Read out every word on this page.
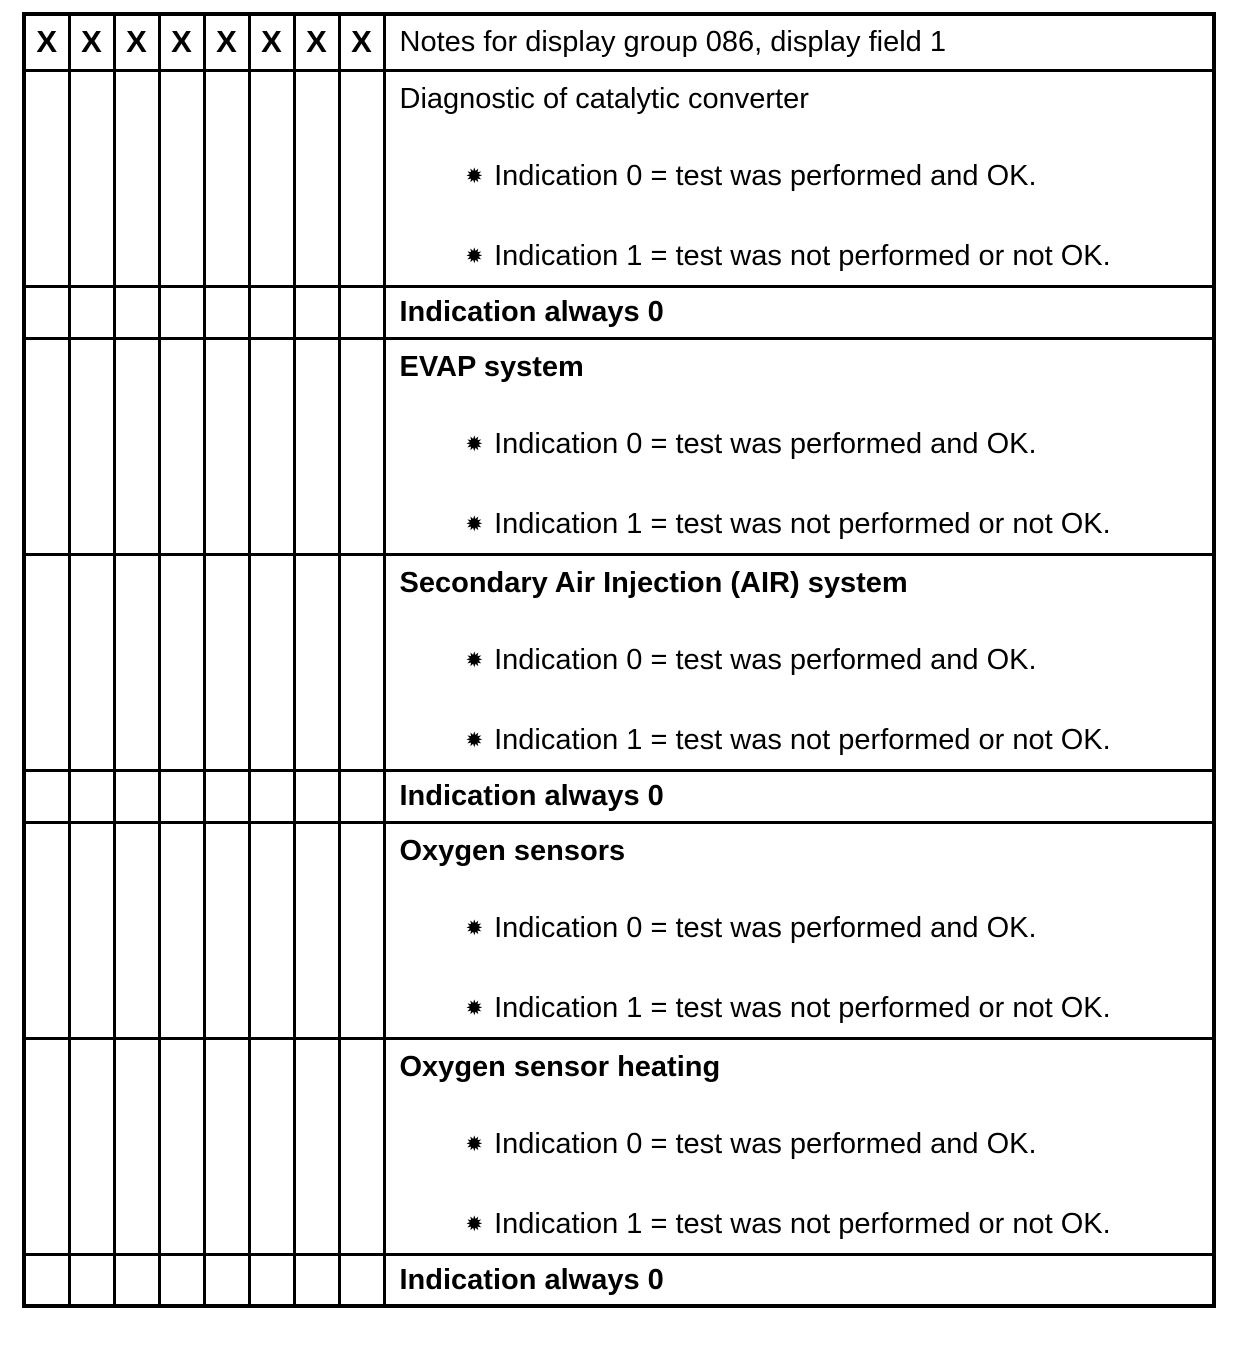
X	X	X	X	X	X	X	X	Notes for display group 086, display field 1

								Diagnostic of catalytic converter
✹ Indication 0 = test was performed and OK.
✹ Indication 1 = test was not performed or not OK.

								Indication always 0

								EVAP system
✹ Indication 0 = test was performed and OK.
✹ Indication 1 = test was not performed or not OK.

								Secondary Air Injection (AIR) system
✹ Indication 0 = test was performed and OK.
✹ Indication 1 = test was not performed or not OK.

								Indication always 0

								Oxygen sensors
✹ Indication 0 = test was performed and OK.
✹ Indication 1 = test was not performed or not OK.

								Oxygen sensor heating
✹ Indication 0 = test was performed and OK.
✹ Indication 1 = test was not performed or not OK.

								Indication always 0
